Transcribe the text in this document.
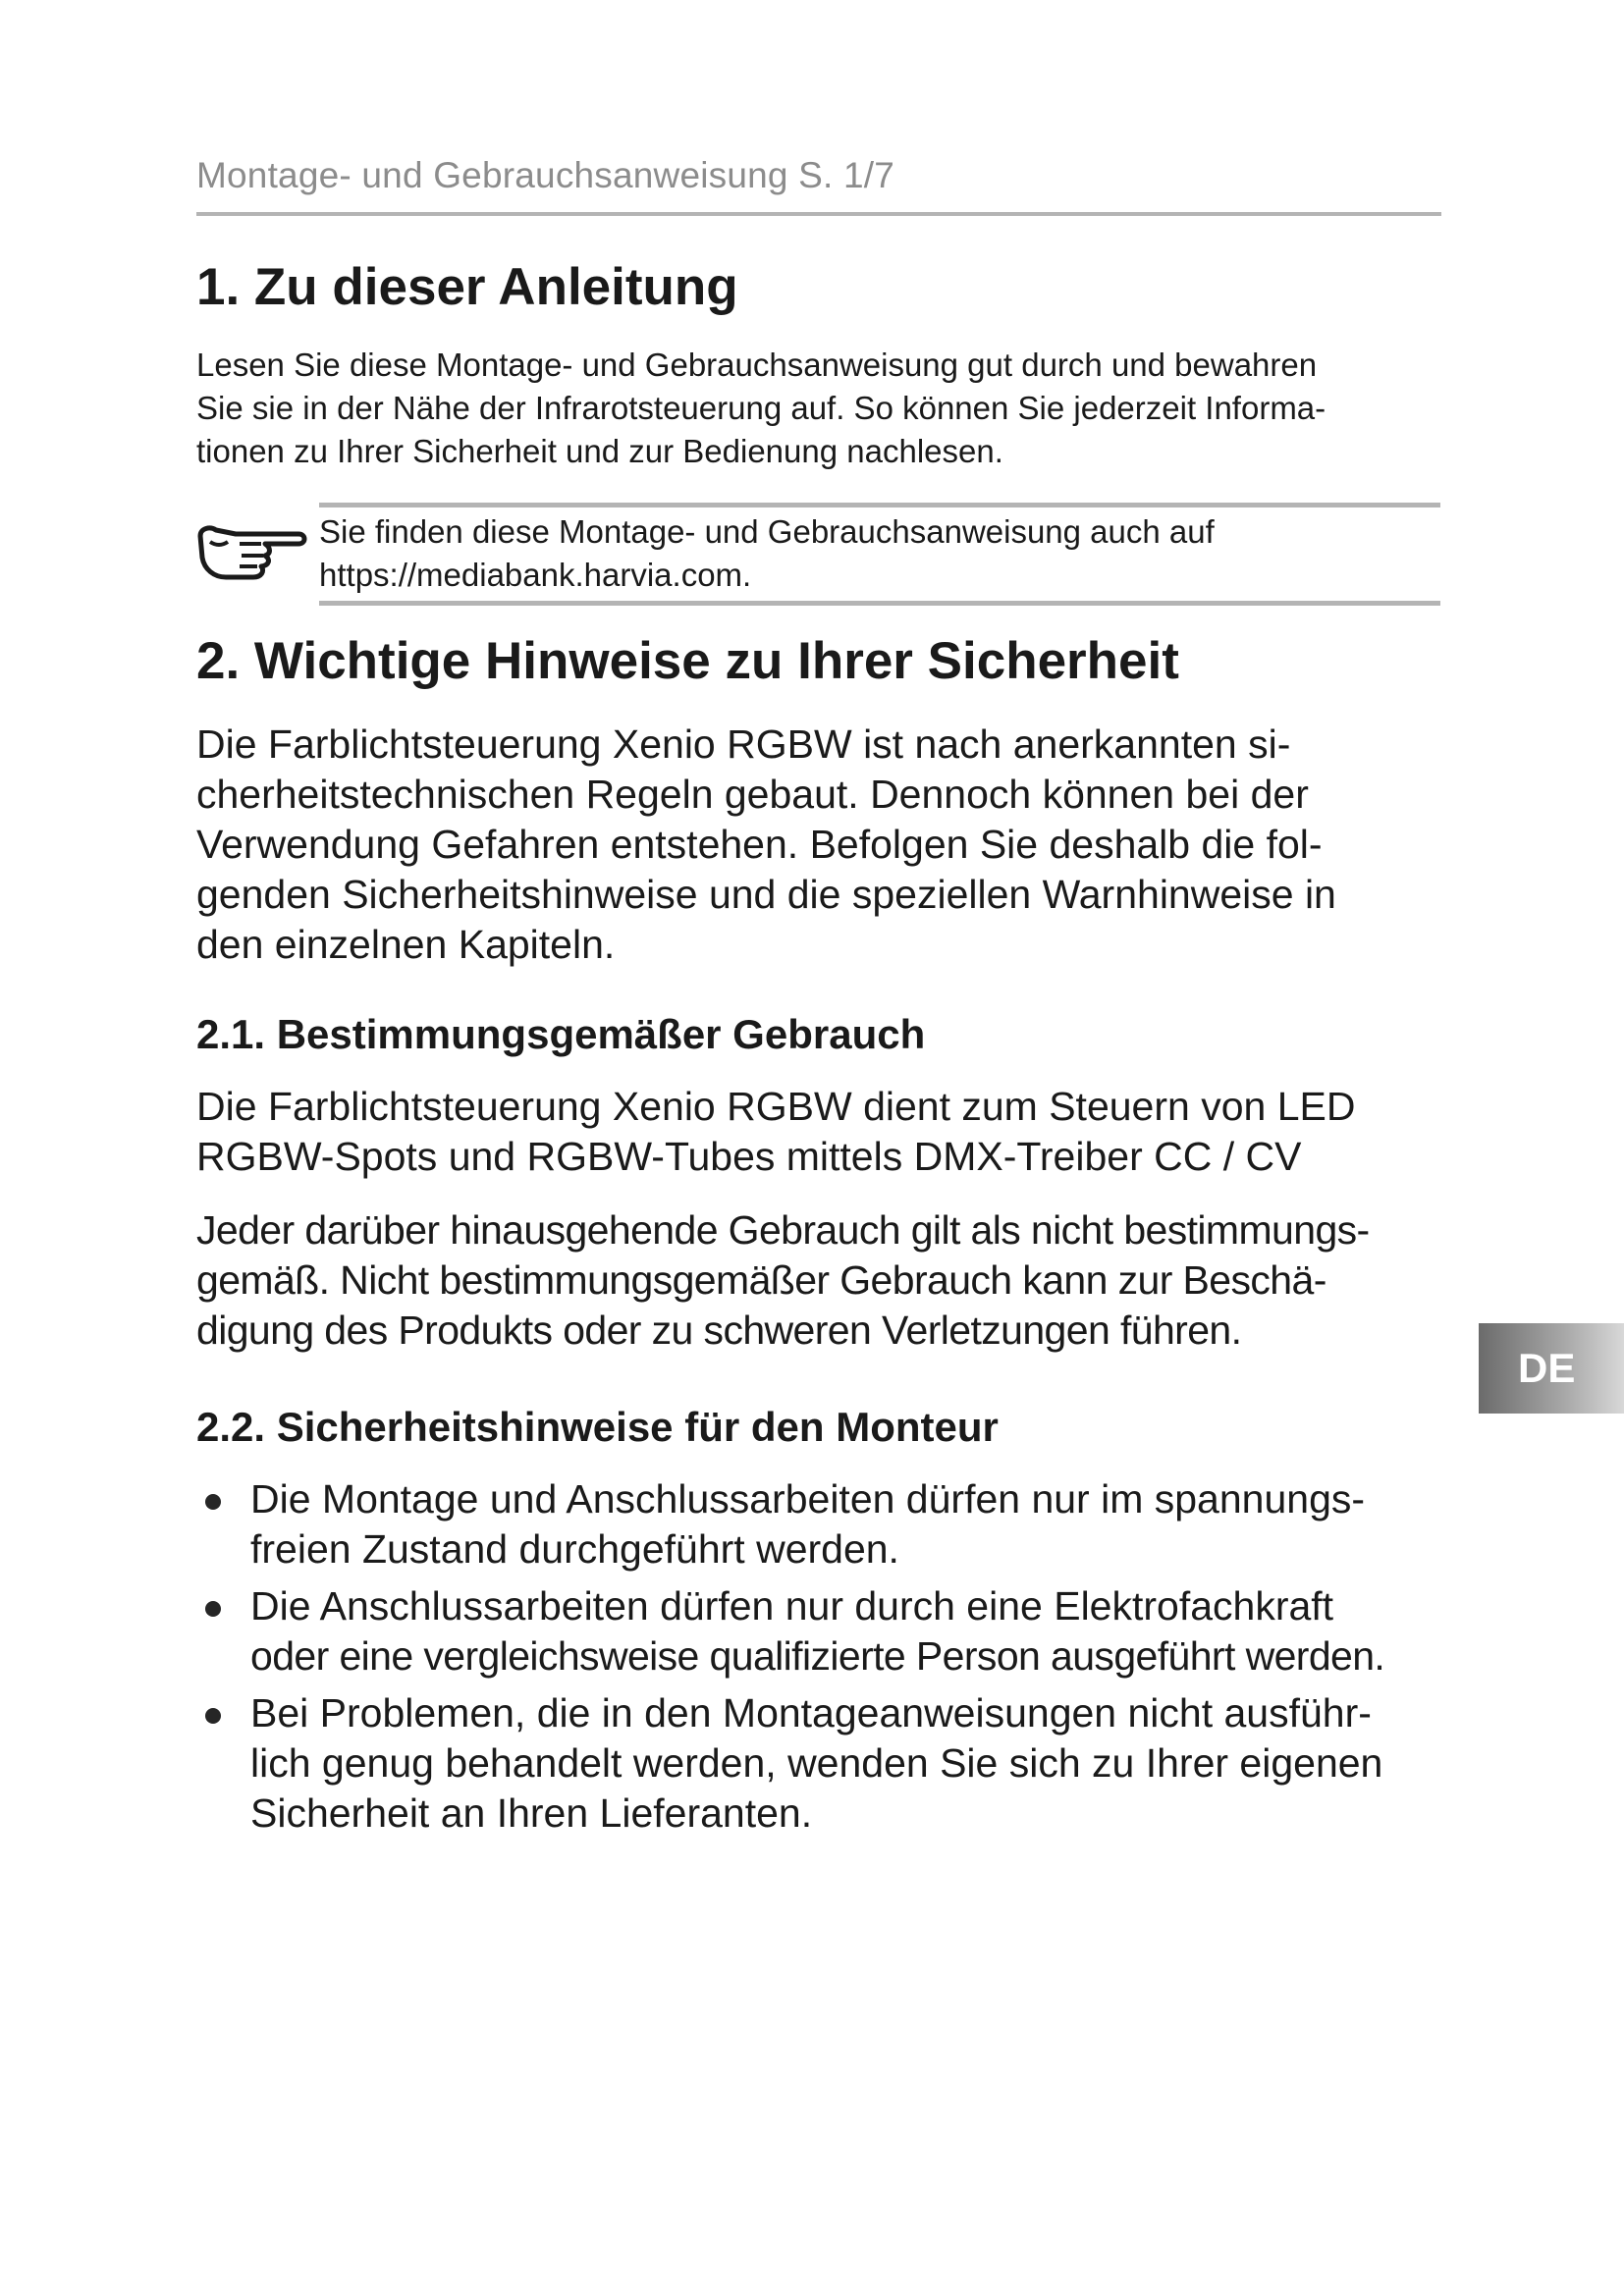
Montage- und Gebrauchsanweisung S. 1/7
1. Zu dieser Anleitung
Lesen Sie diese Montage- und Gebrauchsanweisung gut durch und bewahren
Sie sie in der Nähe der Infrarotsteuerung auf. So können Sie jederzeit Informa-
tionen zu Ihrer Sicherheit und zur Bedienung nachlesen.
Sie finden diese Montage- und Gebrauchsanweisung auch auf
https://mediabank.harvia.com.
2. Wichtige Hinweise zu Ihrer Sicherheit
Die Farblichtsteuerung Xenio RGBW ist nach anerkannten si-
cherheitstechnischen Regeln gebaut. Dennoch können bei der
Verwendung Gefahren entstehen. Befolgen Sie deshalb die fol-
genden Sicherheitshinweise und die speziellen Warnhinweise in
den einzelnen Kapiteln.
2.1. Bestimmungsgemäßer Gebrauch
Die Farblichtsteuerung Xenio RGBW dient zum Steuern von LED
RGBW-Spots und RGBW-Tubes mittels DMX-Treiber CC / CV
Jeder darüber hinausgehende Gebrauch gilt als nicht bestimmungs-
gemäß. Nicht bestimmungsgemäßer Gebrauch kann zur Beschä-
digung des Produkts oder zu schweren Verletzungen führen.
2.2. Sicherheitshinweise für den Monteur
Die Montage und Anschlussarbeiten dürfen nur im spannungs-
freien Zustand durchgeführt werden.
Die Anschlussarbeiten dürfen nur durch eine Elektrofachkraft
oder eine vergleichsweise qualifizierte Person ausgeführt werden.
Bei Problemen, die in den Montageanweisungen nicht ausführ-
lich genug behandelt werden, wenden Sie sich zu Ihrer eigenen
Sicherheit an Ihren Lieferanten.
DE
